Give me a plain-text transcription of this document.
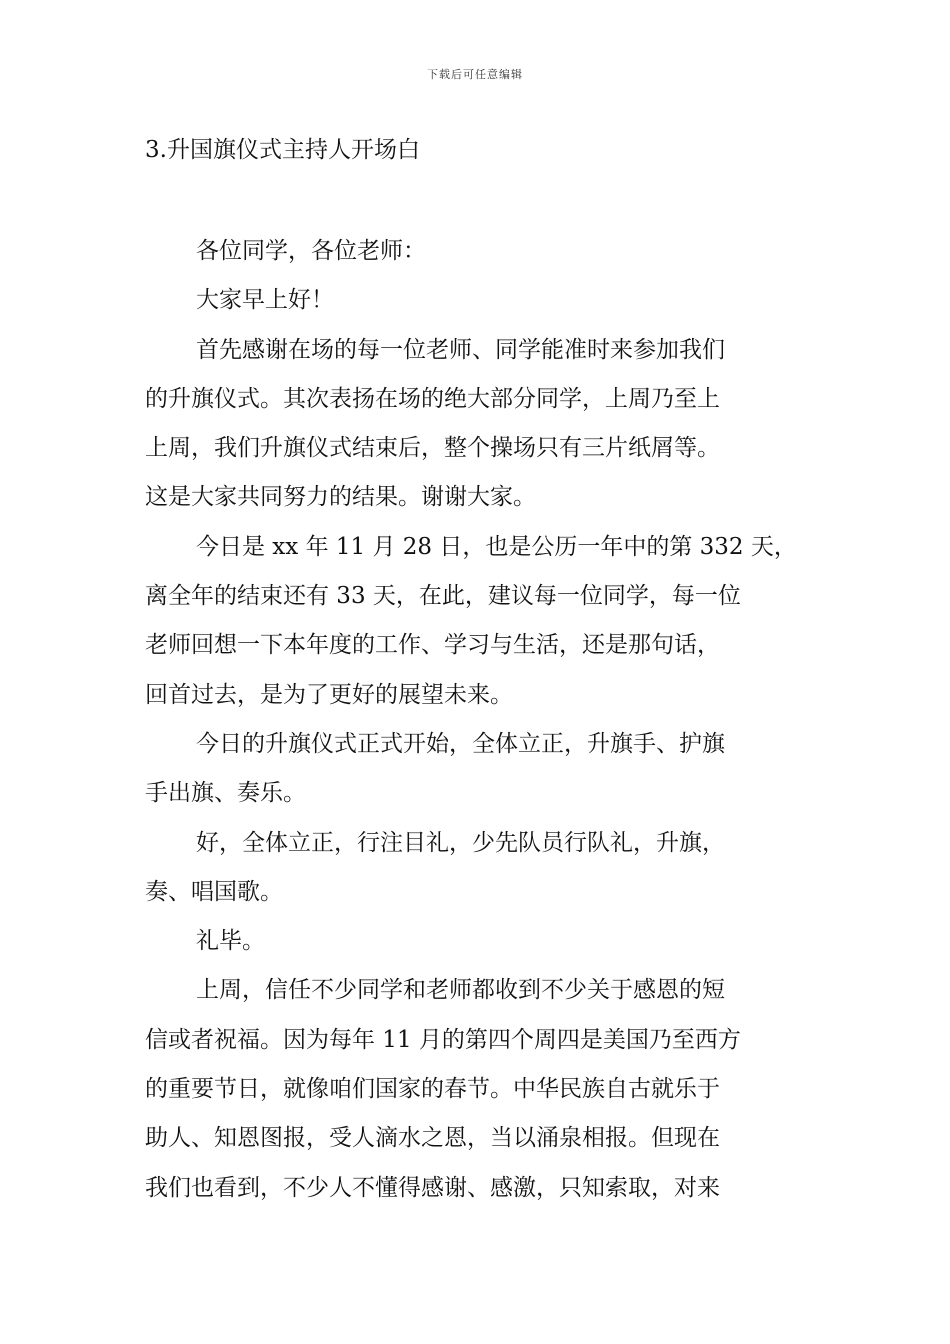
下载后可任意编辑
3.升国旗仪式主持人开场白
各位同学，各位老师：
大家早上好！
首先感谢在场的每一位老师、同学能准时来参加我们
的升旗仪式。其次表扬在场的绝大部分同学，上周乃至上
上周，我们升旗仪式结束后，整个操场只有三片纸屑等。
这是大家共同努力的结果。谢谢大家。
今日是 xx 年 11 月 28 日，也是公历一年中的第 332 天，
离全年的结束还有 33 天，在此，建议每一位同学，每一位
老师回想一下本年度的工作、学习与生活，还是那句话，
回首过去，是为了更好的展望未来。
今日的升旗仪式正式开始，全体立正，升旗手、护旗
手出旗、奏乐。
好，全体立正，行注目礼，少先队员行队礼，升旗，
奏、唱国歌。
礼毕。
上周，信任不少同学和老师都收到不少关于感恩的短
信或者祝福。因为每年 11 月的第四个周四是美国乃至西方
的重要节日，就像咱们国家的春节。中华民族自古就乐于
助人、知恩图报，受人滴水之恩，当以涌泉相报。但现在
我们也看到，不少人不懂得感谢、感激，只知索取，对来
